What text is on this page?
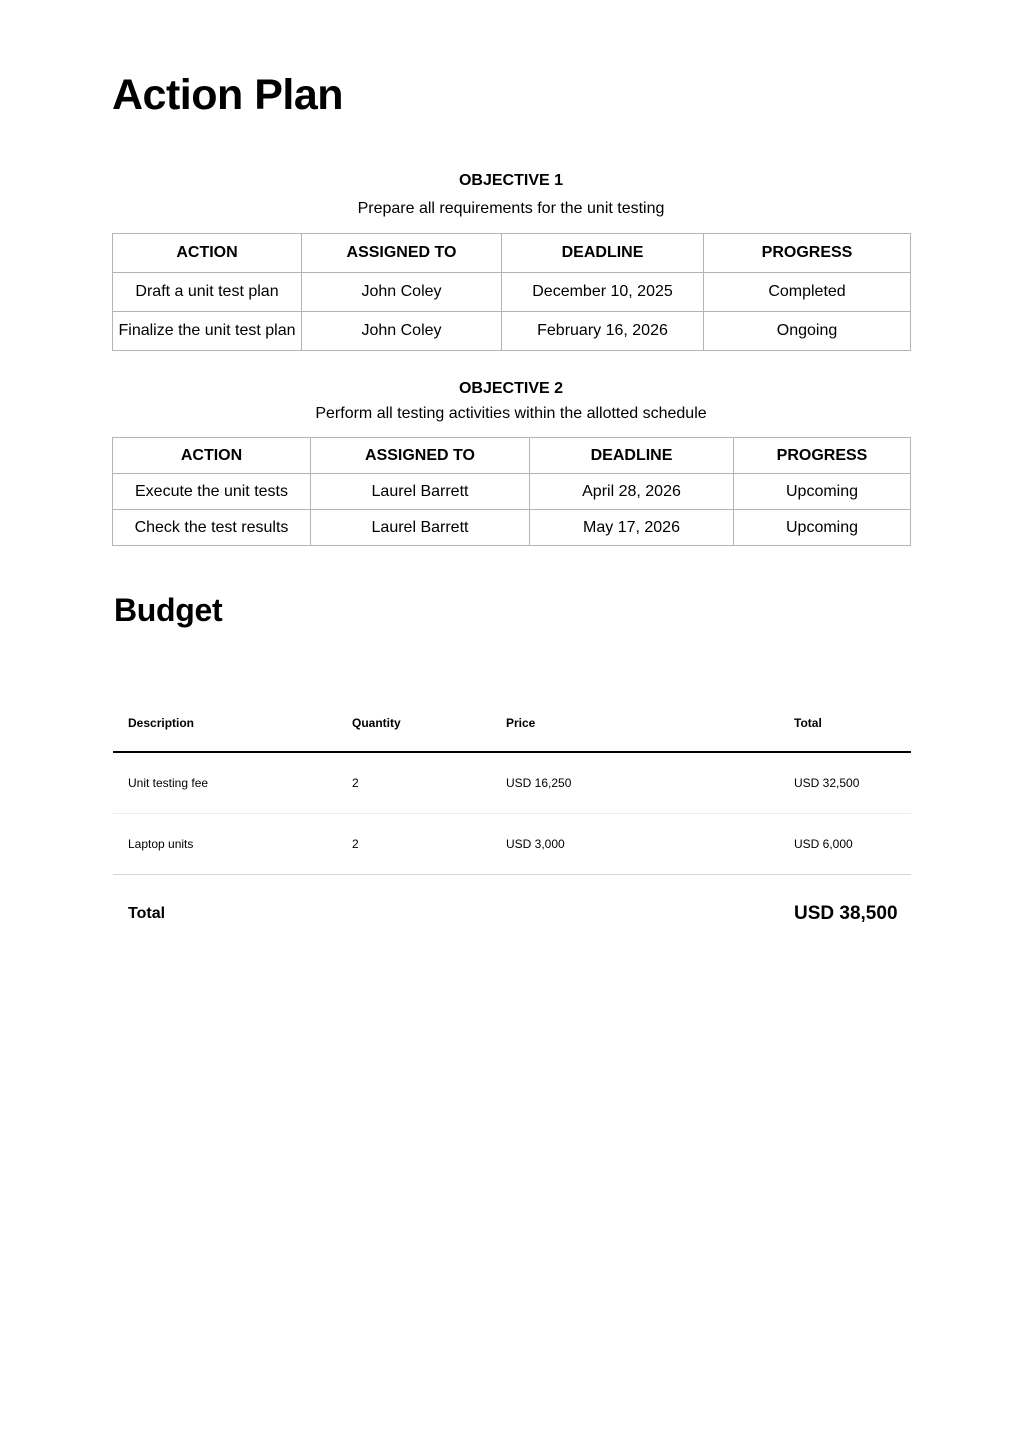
Action Plan
OBJECTIVE 1
Prepare all requirements for the unit testing
ACTION	ASSIGNED TO	DEADLINE	PROGRESS
Draft a unit test plan	John Coley	December 10, 2025	Completed
Finalize the unit test plan	John Coley	February 16, 2026	Ongoing
OBJECTIVE 2
Perform all testing activities within the allotted schedule
ACTION	ASSIGNED TO	DEADLINE	PROGRESS
Execute the unit tests	Laurel Barrett	April 28, 2026	Upcoming
Check the test results	Laurel Barrett	May 17, 2026	Upcoming
Budget
Description	Quantity	Price	Total
Unit testing fee	2	USD 16,250	USD 32,500
Laptop units	2	USD 3,000	USD 6,000
Total			USD 38,500
